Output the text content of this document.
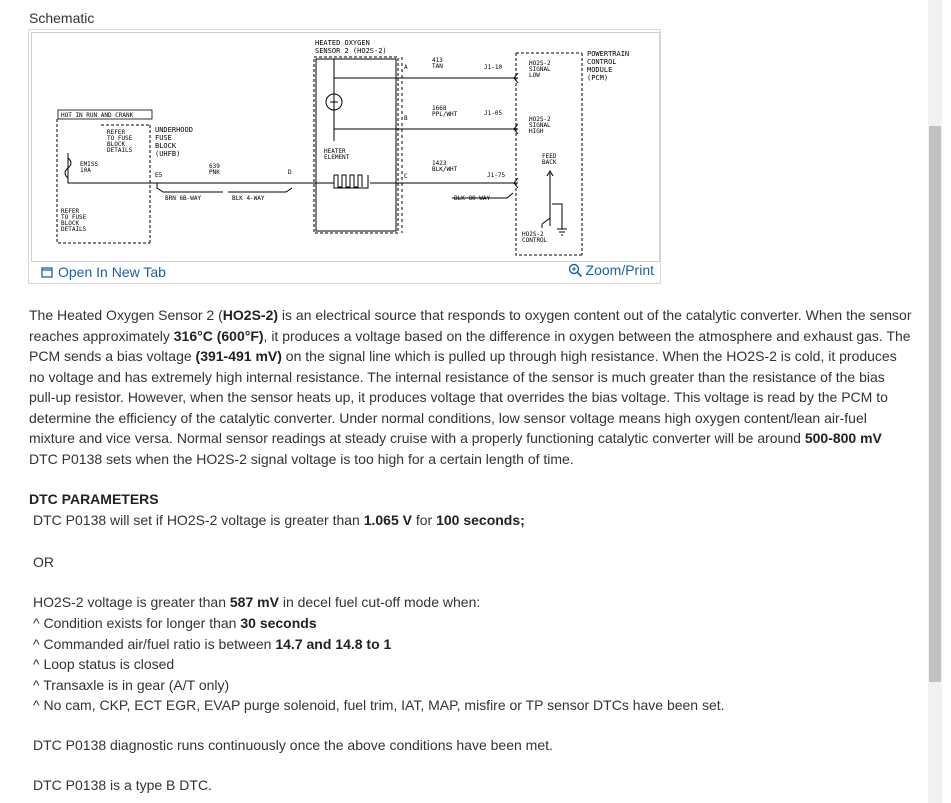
Schematic
HOT IN RUN AND CRANK
REFER
TO FUSE
BLOCK
DETAILS
UNDERHOOD
FUSE
BLOCK
(UHFB)
EMISS
10A
E5
639
PNK	D
BRN 6B-WAY	BLK 4-WAY
REFER
TO FUSE
BLOCK
DETAILS
HEATED OXYGEN
SENSOR 2 (HO2S-2)
HEATER
ELEMENT
A
B
C
413
TAN
1668
PPL/WHT
1423
BLK/WHT
J1-10
J1-05
J1-75
BLK 80-WAY
HO2S-2
SIGNAL
LOW
HO2S-2
SIGNAL
HIGH
FEED
BACK
HO2S-2
CONTROL
POWERTRAIN
CONTROL
MODULE
(PCM)
Open In New Tab	Zoom/Print

The Heated Oxygen Sensor 2 (HO2S-2) is an electrical source that responds to oxygen content out of the catalytic converter. When the sensor reaches approximately 316°C (600°F), it produces a voltage based on the difference in oxygen between the atmosphere and exhaust gas. The PCM sends a bias voltage (391-491 mV) on the signal line which is pulled up through high resistance. When the HO2S-2 is cold, it produces no voltage and has extremely high internal resistance. The internal resistance of the sensor is much greater than the resistance of the bias pull-up resistor. However, when the sensor heats up, it produces voltage that overrides the bias voltage. This voltage is read by the PCM to determine the efficiency of the catalytic converter. Under normal conditions, low sensor voltage means high oxygen content/lean air-fuel mixture and vice versa. Normal sensor readings at steady cruise with a properly functioning catalytic converter will be around 500-800 mV DTC P0138 sets when the HO2S-2 signal voltage is too high for a certain length of time.

DTC PARAMETERS
DTC P0138 will set if HO2S-2 voltage is greater than 1.065 V for 100 seconds;
OR
HO2S-2 voltage is greater than 587 mV in decel fuel cut-off mode when:
^ Condition exists for longer than 30 seconds
^ Commanded air/fuel ratio is between 14.7 and 14.8 to 1
^ Loop status is closed
^ Transaxle is in gear (A/T only)
^ No cam, CKP, ECT EGR, EVAP purge solenoid, fuel trim, IAT, MAP, misfire or TP sensor DTCs have been set.
DTC P0138 diagnostic runs continuously once the above conditions have been met.
DTC P0138 is a type B DTC.
